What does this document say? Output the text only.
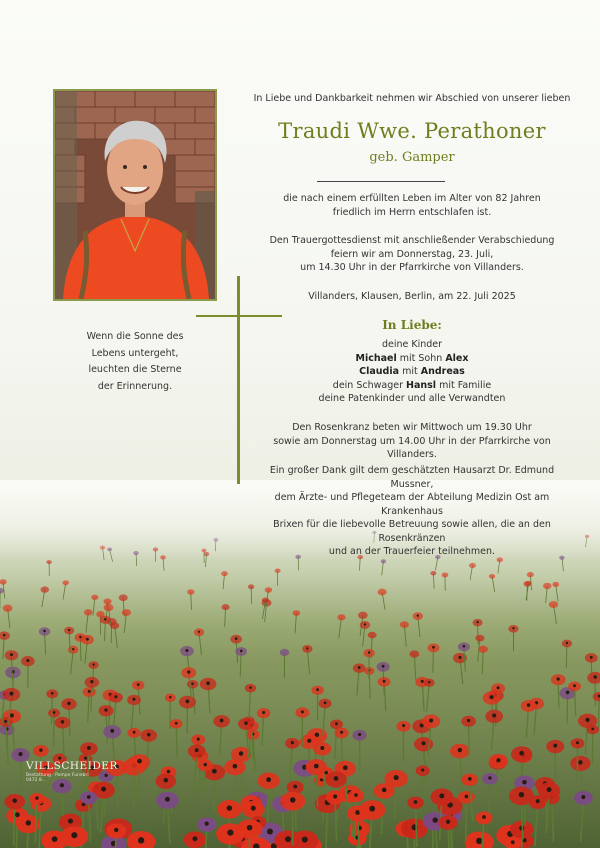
In Liebe und Dankbarkeit nehmen wir Abschied von unserer lieben
Traudi Wwe. Perathoner
geb. Gamper
die nach einem erfüllten Leben im Alter von 82 Jahren
friedlich im Herrn entschlafen ist.
Den Trauergottesdienst mit anschließender Verabschiedung
feiern wir am Donnerstag, 23. Juli,
um 14.30 Uhr in der Pfarrkirche von Villanders.
Villanders, Klausen, Berlin, am 22. Juli 2025
In Liebe:
deine Kinder
Michael mit Sohn Alex
Claudia mit Andreas
dein Schwager Hansl mit Familie
deine Patenkinder und alle Verwandten
Den Rosenkranz beten wir Mittwoch um 19.30 Uhr
sowie am Donnerstag um 14.00 Uhr in der Pfarrkirche von Villanders.
Ein großer Dank gilt dem geschätzten Hausarzt Dr. Edmund Mussner,
dem Ärzte- und Pflegeteam der Abteilung Medizin Ost am Krankenhaus
Brixen für die liebevolle Betreuung sowie allen, die an den Rosenkränzen
und an der Trauerfeier teilnehmen.
Wenn die Sonne des
Lebens untergeht,
leuchten die Sterne
der Erinnerung.
VILLSCHEIDER
Bestattung · Pompe Funebri
0472 8…
